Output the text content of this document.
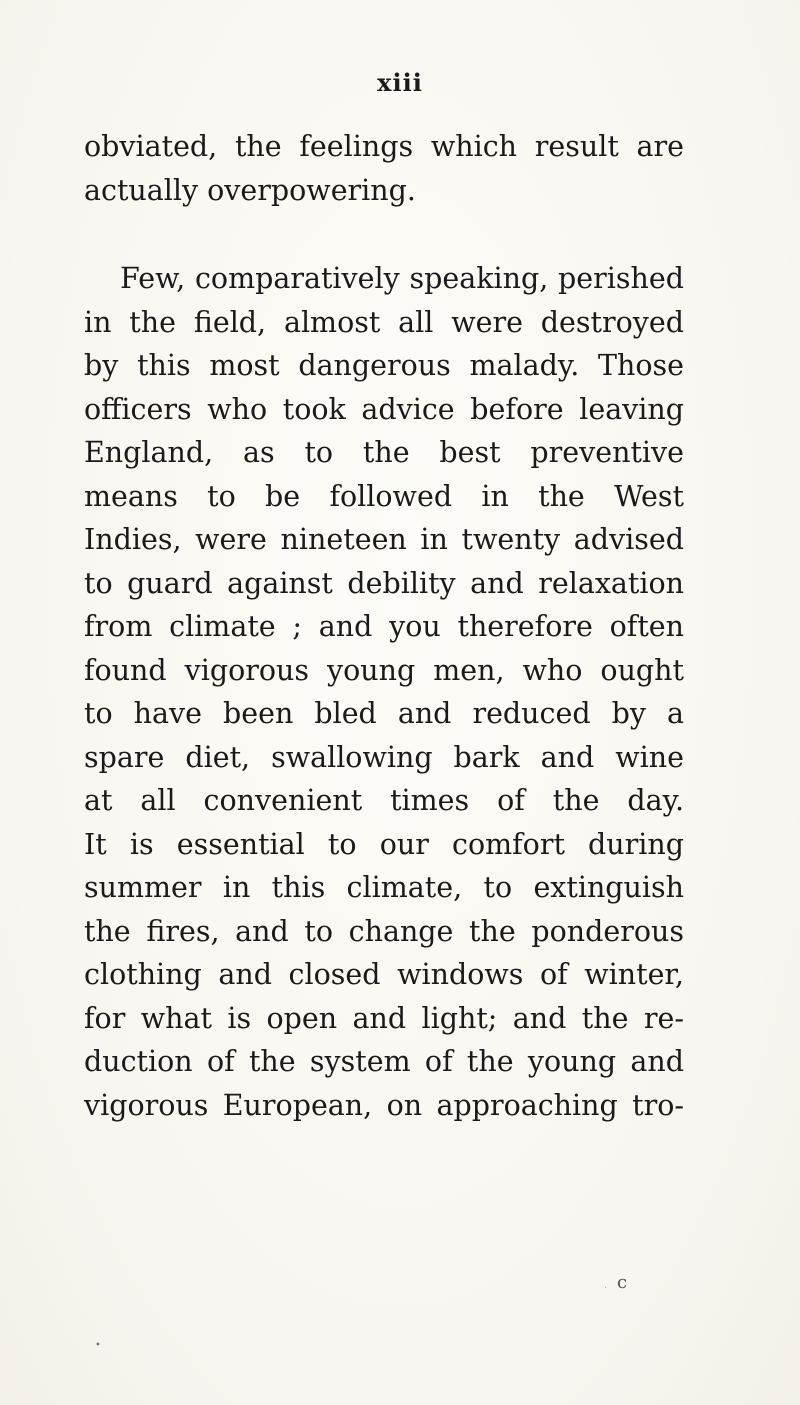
xiii
obviated, the feelings which result are
actually overpowering.
Few, comparatively speaking, perished
in the field, almost all were destroyed
by this most dangerous malady. Those
officers who took advice before leaving
England, as to the best preventive
means to be followed in the West
Indies, were nineteen in twenty advised
to guard against debility and relaxation
from climate ; and you therefore often
found vigorous young men, who ought
to have been bled and reduced by a
spare diet, swallowing bark and wine
at all convenient times of the day.
It is essential to our comfort during
summer in this climate, to extinguish
the fires, and to change the ponderous
clothing and closed windows of winter,
for what is open and light; and the re-
duction of the system of the young and
vigorous European, on approaching tro-
c
·
•
